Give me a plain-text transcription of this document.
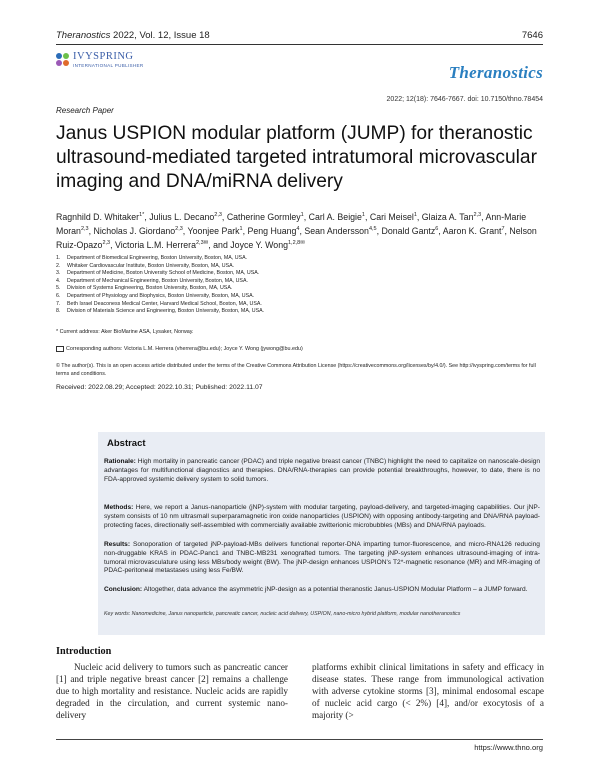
Theranostics 2022, Vol. 12, Issue 18	7646
IVYSPRING
INTERNATIONAL PUBLISHER	Theranostics
2022; 12(18): 7646-7667. doi: 10.7150/thno.78454
Research Paper
Janus USPION modular platform (JUMP) for theranostic ultrasound-mediated targeted intratumoral microvascular imaging and DNA/miRNA delivery
Ragnhild D. Whitaker$^{1*}$, Julius L. Decano$^{2,3}$, Catherine Gormley$^1$, Carl A. Beigie$^1$, Cari Meisel$^1$, Glaiza A. Tan$^{2,3}$, Ann-Marie Moran$^{2,3}$, Nicholas J. Giordano$^{2,3}$, Yoonjee Park$^1$, Peng Huang$^4$, Sean Andersson$^{4,5}$, Donald Gantz$^6$, Aaron K. Grant$^7$, Nelson Ruiz-Opazo$^{2,3}$, Victoria L.M. Herrera$^{2,3✉}$, and Joyce Y. Wong$^{1,2,8✉}$
1.	Department of Biomedical Engineering, Boston University, Boston, MA, USA.
2.	Whitaker Cardiovascular Institute, Boston University, Boston, MA, USA.
3.	Department of Medicine, Boston University School of Medicine, Boston, MA, USA.
4.	Department of Mechanical Engineering, Boston University, Boston, MA, USA.
5.	Division of Systems Engineering, Boston University, Boston, MA, USA.
6.	Department of Physiology and Biophysics, Boston University, Boston, MA, USA.
7.	Beth Israel Deaconess Medical Center, Harvard Medical School, Boston, MA, USA.
8.	Division of Materials Science and Engineering, Boston University, Boston, MA, USA.
* Current address: Aker BioMarine ASA, Lysaker, Norway.
Corresponding authors: Victoria L.M. Herrera (vherrera@bu.edu); Joyce Y. Wong (jywong@bu.edu)
© The author(s). This is an open access article distributed under the terms of the Creative Commons Attribution License (https://creativecommons.org/licenses/by/4.0/). See http://ivyspring.com/terms for full terms and conditions.
Received: 2022.08.29; Accepted: 2022.10.31; Published: 2022.11.07
Abstract
Rationale: High mortality in pancreatic cancer (PDAC) and triple negative breast cancer (TNBC) highlight the need to capitalize on nanoscale-design advantages for multifunctional diagnostics and therapies. DNA/RNA-therapies can provide potential breakthroughs, however, to date, there is no FDA-approved systemic delivery system to solid tumors.
Methods: Here, we report a Janus-nanoparticle (jNP)-system with modular targeting, payload-delivery, and targeted-imaging capabilities. Our jNP-system consists of 10 nm ultrasmall superparamagnetic iron oxide nanoparticles (USPION) with opposing antibody-targeting and DNA/RNA payload-protecting faces, directionally self-assembled with commercially available zwitterionic microbubbles (MBs) and DNA/RNA payloads.
Results: Sonoporation of targeted jNP-payload-MBs delivers functional reporter-DNA imparting tumor-fluorescence, and micro-RNA126 reducing non-druggable KRAS in PDAC-Panc1 and TNBC-MB231 xenografted tumors. The targeting jNP-system enhances ultrasound-imaging of intra-tumoral microvasculature using less MBs/body weight (BW). The jNP-design enhances USPION's T2*-magnetic resonance (MR) and MR-imaging of PDAC-peritoneal metastases using less Fe/BW.
Conclusion: Altogether, data advance the asymmetric jNP-design as a potential theranostic Janus-USPION Modular Platform – a JUMP forward.
Key words: Nanomedicine, Janus nanoparticle, pancreatic cancer, nucleic acid delivery, USPION, nano-micro hybrid platform, modular nanotheranostics
Introduction
Nucleic acid delivery to tumors such as pancreatic cancer [1] and triple negative breast cancer [2] remains a challenge due to high mortality and resistance. Nucleic acids are rapidly degraded in the circulation, and current systemic nano-delivery
platforms exhibit clinical limitations in safety and efficacy in disease states. These range from immunological activation with adverse cytokine storms [3], minimal endosomal escape of nucleic acid cargo (< 2%) [4], and/or exocytosis of a majority (>
https://www.thno.org
